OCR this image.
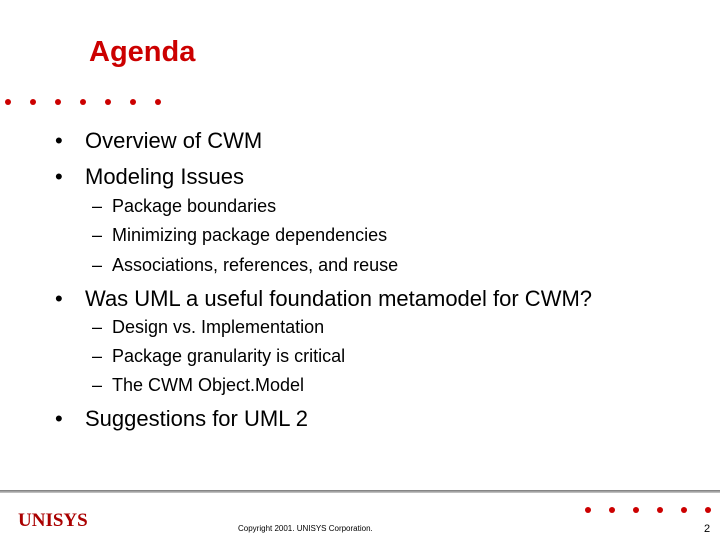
Agenda
• Overview of CWM
• Modeling Issues
– Package boundaries
– Minimizing package dependencies
– Associations, references, and reuse
• Was UML a useful foundation metamodel for CWM?
– Design vs. Implementation
– Package granularity is critical
– The CWM Object.Model
• Suggestions for UML 2
UNISYS	Copyright 2001. UNISYS Corporation.	2
